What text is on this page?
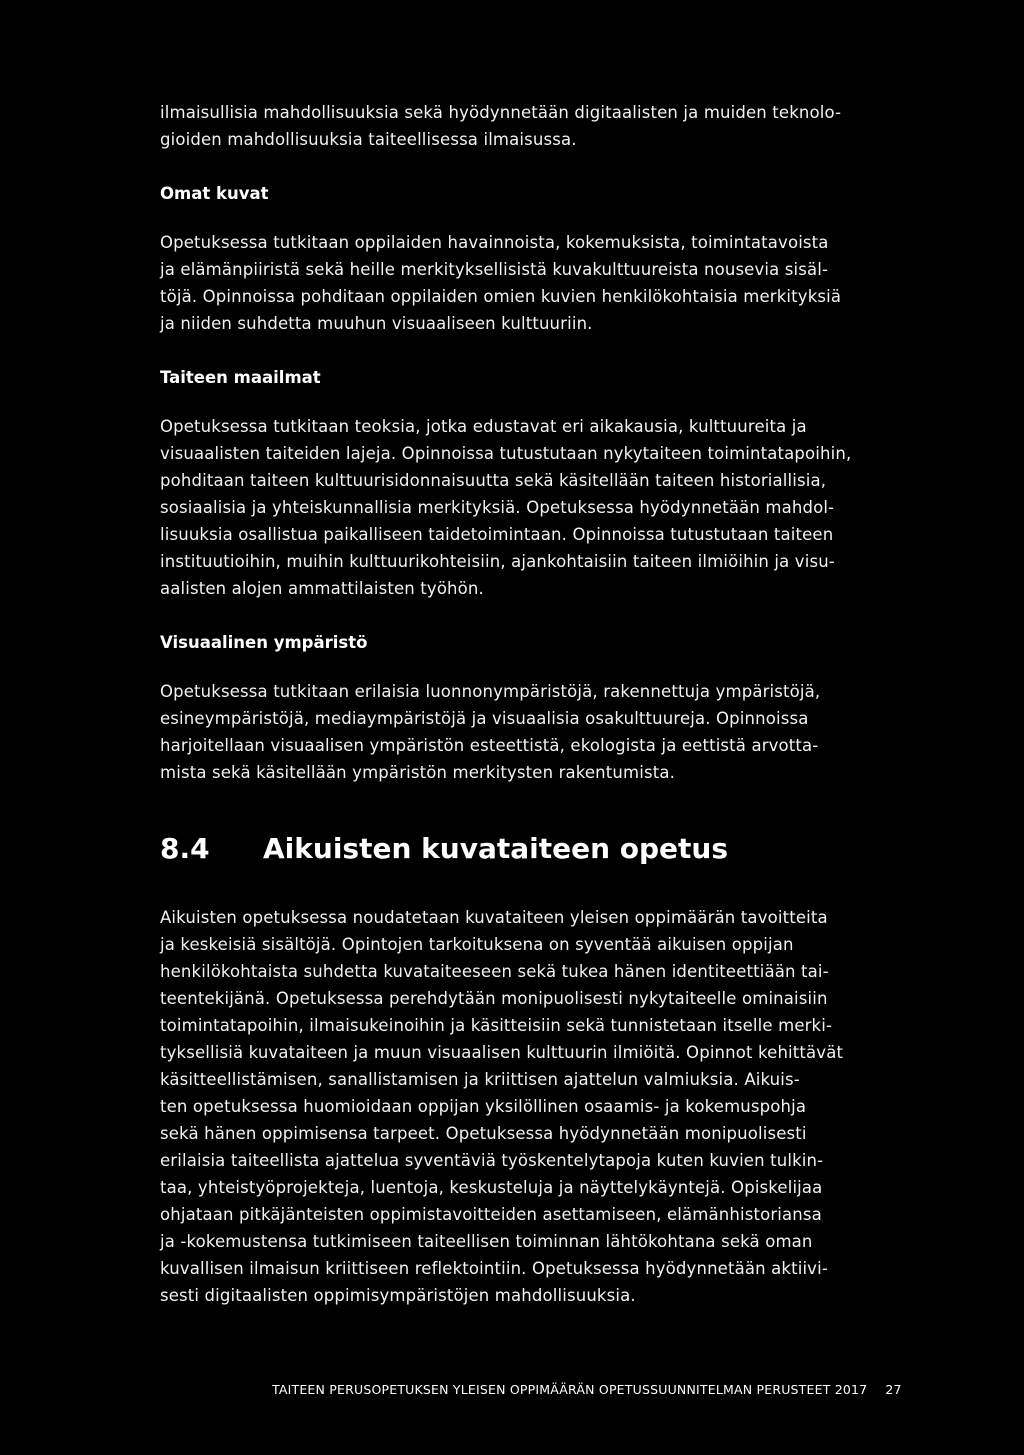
ilmaisullisia mahdollisuuksia sekä hyödynnetään digitaalisten ja muiden teknolo-
gioiden mahdollisuuksia taiteellisessa ilmaisussa.
Omat kuvat
Opetuksessa tutkitaan oppilaiden havainnoista, kokemuksista, toimintatavoista
ja elämänpiiristä sekä heille merkityksellisistä kuvakulttuureista nousevia sisäl-
töjä. Opinnoissa pohditaan oppilaiden omien kuvien henkilökohtaisia merkityksiä
ja niiden suhdetta muuhun visuaaliseen kulttuuriin.
Taiteen maailmat
Opetuksessa tutkitaan teoksia, jotka edustavat eri aikakausia, kulttuureita ja
visuaalisten taiteiden lajeja. Opinnoissa tutustutaan nykytaiteen toimintatapoihin,
pohditaan taiteen kulttuurisidonnaisuutta sekä käsitellään taiteen historiallisia,
sosiaalisia ja yhteiskunnallisia merkityksiä. Opetuksessa hyödynnetään mahdol-
lisuuksia osallistua paikalliseen taidetoimintaan. Opinnoissa tutustutaan taiteen
instituutioihin, muihin kulttuurikohteisiin, ajankohtaisiin taiteen ilmiöihin ja visu-
aalisten alojen ammattilaisten työhön.
Visuaalinen ympäristö
Opetuksessa tutkitaan erilaisia luonnonympäristöjä, rakennettuja ympäristöjä,
esineympäristöjä, mediaympäristöjä ja visuaalisia osakulttuureja. Opinnoissa
harjoitellaan visuaalisen ympäristön esteettistä, ekologista ja eettistä arvotta-
mista sekä käsitellään ympäristön merkitysten rakentumista.
8.4	Aikuisten kuvataiteen opetus
Aikuisten opetuksessa noudatetaan kuvataiteen yleisen oppimäärän tavoitteita
ja keskeisiä sisältöjä. Opintojen tarkoituksena on syventää aikuisen oppijan
henkilökohtaista suhdetta kuvataiteeseen sekä tukea hänen identiteettiään tai-
teentekijänä. Opetuksessa perehdytään monipuolisesti nykytaiteelle ominaisiin
toimintatapoihin, ilmaisukeinoihin ja käsitteisiin sekä tunnistetaan itselle merki-
tyksellisiä kuvataiteen ja muun visuaalisen kulttuurin ilmiöitä. Opinnot kehittävät
käsitteellistämisen, sanallistamisen ja kriittisen ajattelun valmiuksia. Aikuis-
ten opetuksessa huomioidaan oppijan yksilöllinen osaamis- ja kokemuspohja
sekä hänen oppimisensa tarpeet. Opetuksessa hyödynnetään monipuolisesti
erilaisia taiteellista ajattelua syventäviä työskentelytapoja kuten kuvien tulkin-
taa, yhteistyöprojekteja, luentoja, keskusteluja ja näyttelykäyntejä. Opiskelijaa
ohjataan pitkäjänteisten oppimistavoitteiden asettamiseen, elämänhistoriansa
ja -kokemustensa tutkimiseen taiteellisen toiminnan lähtökohtana sekä oman
kuvallisen ilmaisun kriittiseen reflektointiin. Opetuksessa hyödynnetään aktiivi-
sesti digitaalisten oppimisympäristöjen mahdollisuuksia.
TAITEEN PERUSOPETUKSEN YLEISEN OPPIMÄÄRÄN OPETUSSUUNNITELMAN PERUSTEET 2017 27
